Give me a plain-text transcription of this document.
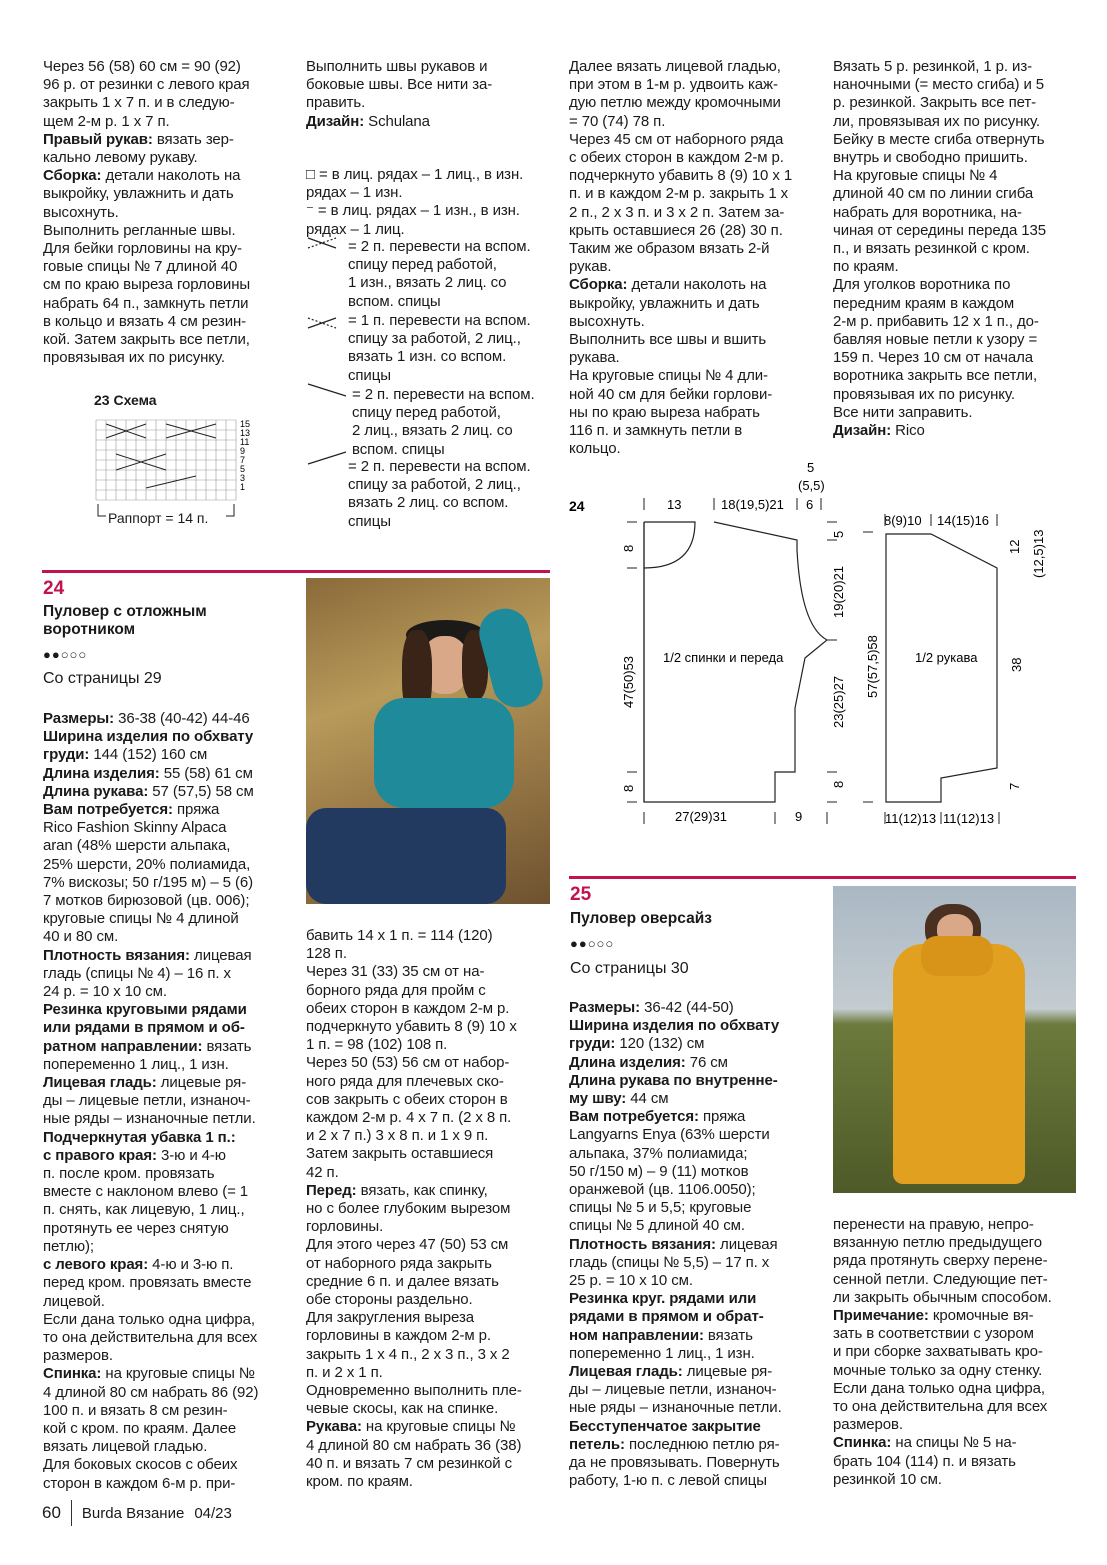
Через 56 (58) 60 см = 90 (92)
96 р. от резинки с левого края
закрыть 1 х 7 п. и в следую-
щем 2-м р. 1 х 7 п.

Правый рукав: вязать зер-
кально левому рукаву.

Сборка: детали наколоть на
выкройку, увлажнить и дать
высохнуть.
Выполнить регланные швы.
Для бейки горловины на кру-
говые спицы № 7 длиной 40
см по краю выреза горловины
набрать 64 п., замкнуть петли
в кольцо и вязать 4 см резин-
кой. Затем закрыть все петли,
провязывая их по рисунку.

23 Схема
15
13
11
9
7
5
3
1
Раппорт = 14 п.

Выполнить швы рукавов и
боковые швы. Все нити за-
править.

Дизайн: Schulana

□ = в лиц. рядах – 1 лиц., в изн.
рядах – 1 изн.

⁻ = в лиц. рядах – 1 изн., в изн.
рядах – 1 лиц.

= 2 п. перевести на вспом.
спицу перед работой,
1 изн., вязать 2 лиц. со
вспом. спицы

= 1 п. перевести на вспом.
спицу за работой, 2 лиц.,
вязать 1 изн. со вспом.
спицы

= 2 п. перевести на вспом.
спицу перед работой,
2 лиц., вязать 2 лиц. со
вспом. спицы

= 2 п. перевести на вспом.
спицу за работой, 2 лиц.,
вязать 2 лиц. со вспом.
спицы

Далее вязать лицевой гладью,
при этом в 1-м р. удвоить каж-
дую петлю между кромочными
= 70 (74) 78 п.
Через 45 см от наборного ряда
с обеих сторон в каждом 2-м р.
подчеркнуто убавить 8 (9) 10 х 1
п. и в каждом 2-м р. закрыть 1 х
2 п., 2 х 3 п. и 3 х 2 п. Затем за-
крыть оставшиеся 26 (28) 30 п.
Таким же образом вязать 2-й
рукав.

Сборка: детали наколоть на
выкройку, увлажнить и дать
высохнуть.
Выполнить все швы и вшить
рукава.
На круговые спицы № 4 дли-
ной 40 см для бейки горлови-
ны по краю выреза набрать
116 п. и замкнуть петли в
кольцо.

Вязать 5 р. резинкой, 1 р. из-
наночными (= место сгиба) и 5
р. резинкой. Закрыть все пет-
ли, провязывая их по рисунку.
Бейку в месте сгиба отвернуть
внутрь и свободно пришить.
На круговые спицы № 4
длиной 40 см по линии сгиба
набрать для воротника, на-
чиная от середины переда 135
п., и вязать резинкой с кром.
по краям.
Для уголков воротника по
передним краям в каждом
2-м р. прибавить 12 х 1 п., до-
бавляя новые петли к узору =
159 п. Через 10 см от начала
воротника закрыть все петли,
провязывая их по рисунку.
Все нити заправить.

Дизайн: Rico

24
5
(5,5)
13	18(19,5)21 6
8
47(50)53
8
1/2 спинки и переда
27(29)31	9
5
19(20)21
23(25)27
8
57(57,5)58
8(9)10 14(15)16
1/2 рукава
12 (12,5)13
38
7
11(12)13 11(12)13
24
Пуловер с отложным
воротником
●●○○○
Со страницы 29

Размеры: 36-38 (40-42) 44-46

Ширина изделия по обхвату
груди: 144 (152) 160 см

Длина изделия: 55 (58) 61 см

Длина рукава: 57 (57,5) 58 см

Вам потребуется: пряжа
Rico Fashion Skinny Alpaca
aran (48% шерсти альпака,
25% шерсти, 20% полиамида,
7% вискозы; 50 г/195 м) – 5 (6)
7 мотков бирюзовой (цв. 006);
круговые спицы № 4 длиной
40 и 80 см.

Плотность вязания: лицевая
гладь (спицы № 4) – 16 п. х
24 р. = 10 х 10 см.

Резинка круговыми рядами
или рядами в прямом и об-
ратном направлении: вязать
попеременно 1 лиц., 1 изн.

Лицевая гладь: лицевые ря-
ды – лицевые петли, изнаноч-
ные ряды – изнаночные петли.

Подчеркнутая убавка 1 п.:
с правого края: 3-ю и 4-ю
п. после кром. провязать
вместе с наклоном влево (= 1
п. снять, как лицевую, 1 лиц.,
протянуть ее через снятую
петлю);

с левого края: 4-ю и 3-ю п.
перед кром. провязать вместе
лицевой.
Если дана только одна цифра,
то она действительна для всех
размеров.

Спинка: на круговые спицы №
4 длиной 80 см набрать 86 (92)
100 п. и вязать 8 см резин-
кой с кром. по краям. Далее
вязать лицевой гладью.
Для боковых скосов с обеих
сторон в каждом 6-м р. при-

бавить 14 х 1 п. = 114 (120)
128 п.
Через 31 (33) 35 см от на-
борного ряда для пройм с
обеих сторон в каждом 2-м р.
подчеркнуто убавить 8 (9) 10 х
1 п. = 98 (102) 108 п.
Через 50 (53) 56 см от набор-
ного ряда для плечевых ско-
сов закрыть с обеих сторон в
каждом 2-м р. 4 х 7 п. (2 х 8 п.
и 2 х 7 п.) 3 х 8 п. и 1 х 9 п.
Затем закрыть оставшиеся
42 п.

Перед: вязать, как спинку,
но с более глубоким вырезом
горловины.
Для этого через 47 (50) 53 см
от наборного ряда закрыть
средние 6 п. и далее вязать
обе стороны раздельно.
Для закругления выреза
горловины в каждом 2-м р.
закрыть 1 х 4 п., 2 х 3 п., 3 х 2
п. и 2 х 1 п.
Одновременно выполнить пле-
чевые скосы, как на спинке.

Рукава: на круговые спицы №
4 длиной 80 см набрать 36 (38)
40 п. и вязать 7 см резинкой с
кром. по краям.

25
Пуловер оверсайз
●●○○○
Со страницы 30

Размеры: 36-42 (44-50)

Ширина изделия по обхвату
груди: 120 (132) см

Длина изделия: 76 см

Длина рукава по внутренне-
му шву: 44 см

Вам потребуется: пряжа
Langyarns Enya (63% шерсти
альпака, 37% полиамида;
50 г/150 м) – 9 (11) мотков
оранжевой (цв. 1106.0050);
спицы № 5 и 5,5; круговые
спицы № 5 длиной 40 см.

Плотность вязания: лицевая
гладь (спицы № 5,5) – 17 п. х
25 р. = 10 х 10 см.

Резинка круг. рядами или
рядами в прямом и обрат-
ном направлении: вязать
попеременно 1 лиц., 1 изн.

Лицевая гладь: лицевые ря-
ды – лицевые петли, изнаноч-
ные ряды – изнаночные петли.

Бесступенчатое закрытие
петель: последнюю петлю ря-
да не провязывать. Повернуть
работу, 1-ю п. с левой спицы

перенести на правую, непро-
вязанную петлю предыдущего
ряда протянуть сверху перене-
сенной петли. Следующие пет-
ли закрыть обычным способом.

Примечание: кромочные вя-
зать в соответствии с узором
и при сборке захватывать кро-
мочные только за одну стенку.
Если дана только одна цифра,
то она действительна для всех
размеров.

Спинка: на спицы № 5 на-
брать 104 (114) п. и вязать
резинкой 10 см.

60 Burda Вязание 04/23
